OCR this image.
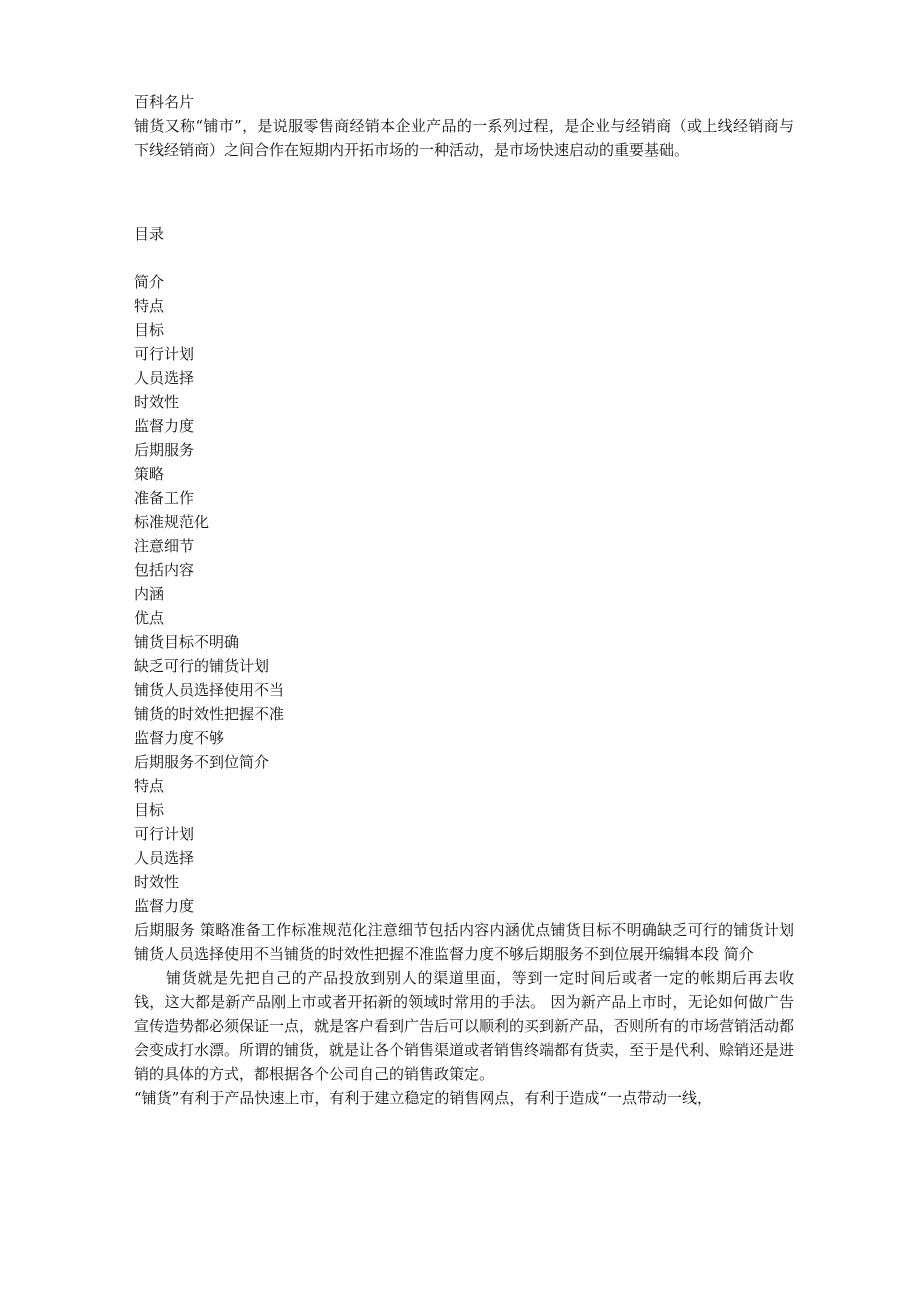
百科名片
铺货又称“铺市”，是说服零售商经销本企业产品的一系列过程，是企业与经销商（或上线经销商与下线经销商）之间合作在短期内开拓市场的一种活动，是市场快速启动的重要基础。
目录
简介
特点
目标
可行计划
人员选择
时效性
监督力度
后期服务
策略
准备工作
标准规范化
注意细节
包括内容
内涵
优点
铺货目标不明确
缺乏可行的铺货计划
铺货人员选择使用不当
铺货的时效性把握不准
监督力度不够
后期服务不到位简介
特点
目标
可行计划
人员选择
时效性
监督力度
后期服务 策略准备工作标准规范化注意细节包括内容内涵优点铺货目标不明确缺乏可行的铺货计划 铺货人员选择使用不当铺货的时效性把握不准监督力度不够后期服务不到位展开编辑本段 简介
铺货就是先把自己的产品投放到别人的渠道里面，等到一定时间后或者一定的帐期后再去收钱，这大都是新产品刚上市或者开拓新的领域时常用的手法。 因为新产品上市时，无论如何做广告宣传造势都必须保证一点，就是客户看到广告后可以顺利的买到新产品，否则所有的市场营销活动都会变成打水漂。所谓的铺货，就是让各个销售渠道或者销售终端都有货卖，至于是代利、赊销还是进销的具体的方式，都根据各个公司自己的销售政策定。
“铺货”有利于产品快速上市，有利于建立稳定的销售网点，有利于造成“一点带动一线，
